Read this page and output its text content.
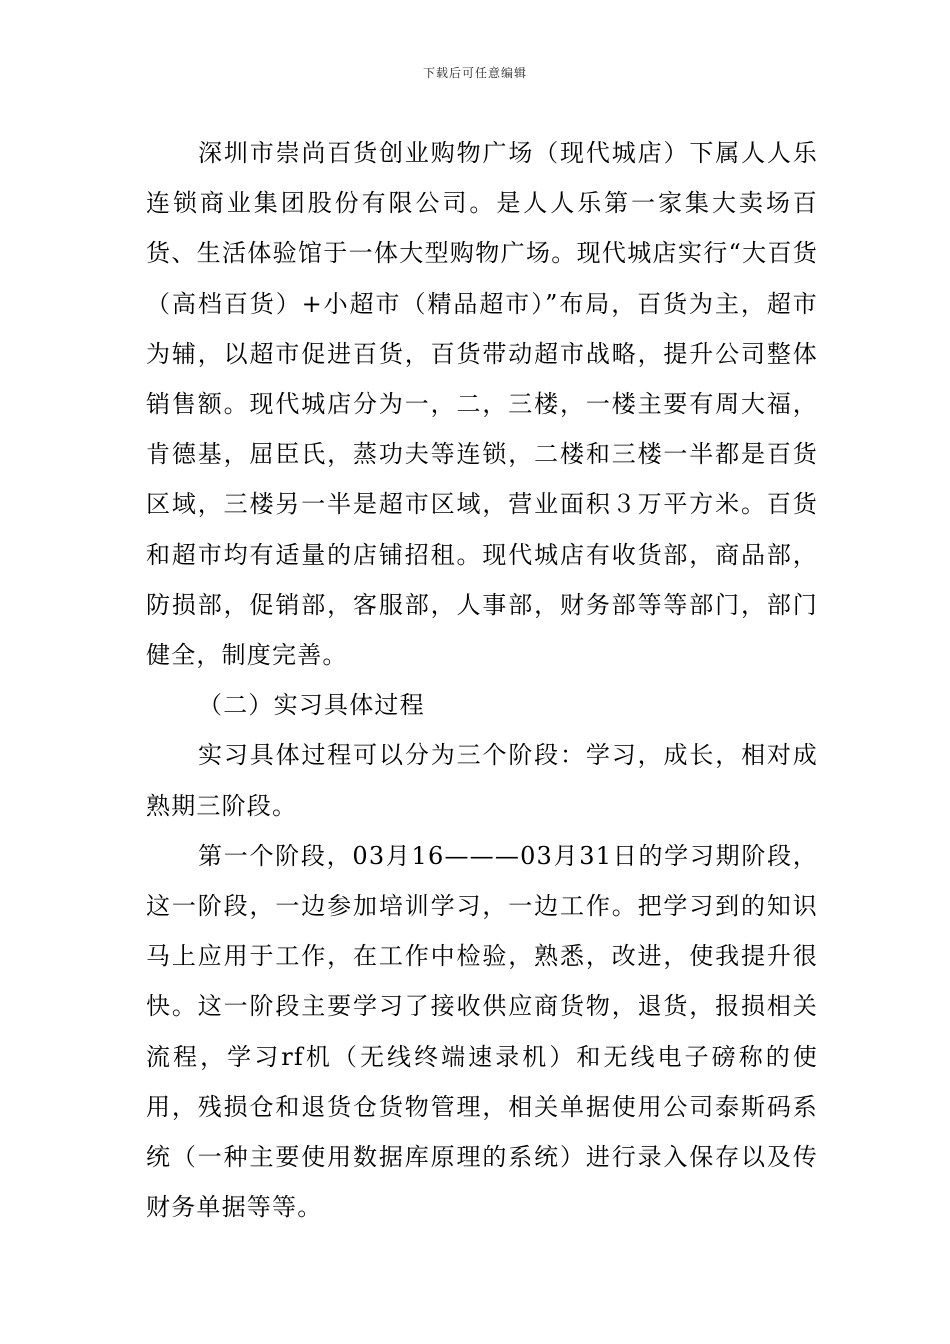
下载后可任意编辑

深圳市崇尚百货创业购物广场（现代城店）下属人人乐连锁商业集团股份有限公司。是人人乐第一家集大卖场百货、生活体验馆于一体大型购物广场。现代城店实行“大百货（高档百货）+小超市（精品超市）”布局，百货为主，超市为辅，以超市促进百货，百货带动超市战略，提升公司整体销售额。现代城店分为一，二，三楼，一楼主要有周大福，肯德基，屈臣氏，蒸功夫等连锁，二楼和三楼一半都是百货区域，三楼另一半是超市区域，营业面积３万平方米。百货和超市均有适量的店铺招租。现代城店有收货部，商品部，防损部，促销部，客服部，人事部，财务部等等部门，部门健全，制度完善。

（二）实习具体过程

实习具体过程可以分为三个阶段：学习，成长，相对成熟期三阶段。

第一个阶段，03月16———03月31日的学习期阶段，这一阶段，一边参加培训学习，一边工作。把学习到的知识马上应用于工作，在工作中检验，熟悉，改进，使我提升很快。这一阶段主要学习了接收供应商货物，退货，报损相关流程，学习rf机（无线终端速录机）和无线电子磅称的使用，残损仓和退货仓货物管理，相关单据使用公司泰斯码系统（一种主要使用数据库原理的系统）进行录入保存以及传财务单据等等。
